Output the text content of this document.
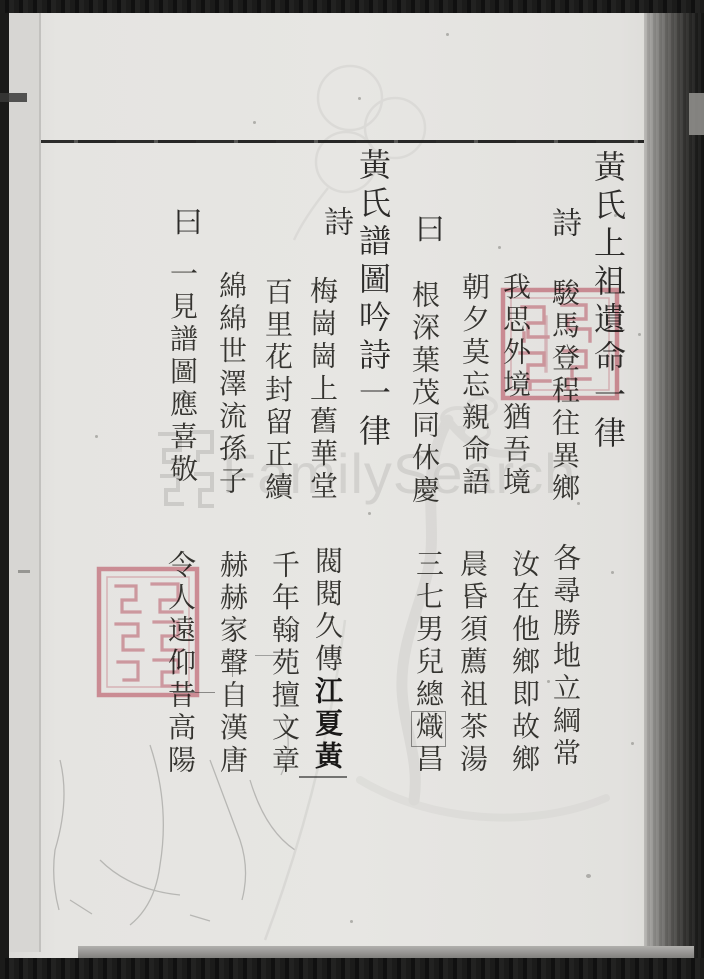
FamilySearch
黃氏上祖遺命一律
詩
駿馬登程往異鄉
我思外境猶吾境
朝夕莫忘親命語
曰
根深葉茂同休慶
各尋勝地立綱常
汝在他鄉即故鄉
晨昏須薦祖茶湯
三七男兒總熾昌
黃氏譜圖吟詩一律
詩
梅崗崗上舊華堂
百里花封留正續
綿綿世澤流孫子
曰
一見譜圖應喜敬
閥閱久傳江夏黃
千年翰苑擅文章
赫赫家聲自漢唐
令人遠仰昔高陽
